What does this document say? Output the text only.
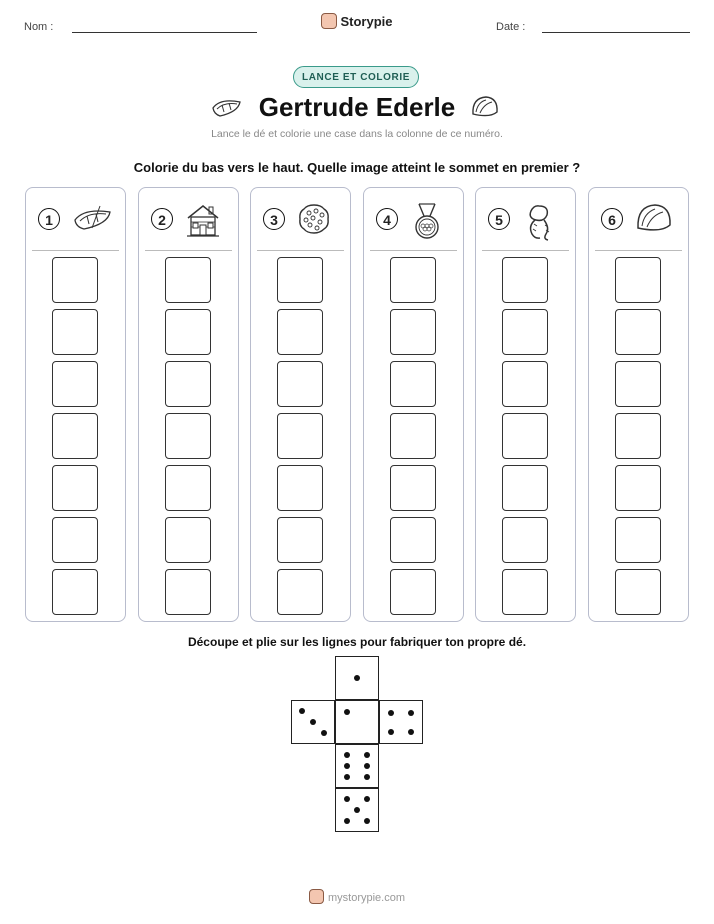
Nom :	Storypie	Date :
LANCE ET COLORIE
Gertrude Ederle
Lance le dé et colorie une case dans la colonne de ce numéro.
Colorie du bas vers le haut. Quelle image atteint le sommet en premier ?
1	2	3	4	5	6
Découpe et plie sur les lignes pour fabriquer ton propre dé.
mystorypie.com
